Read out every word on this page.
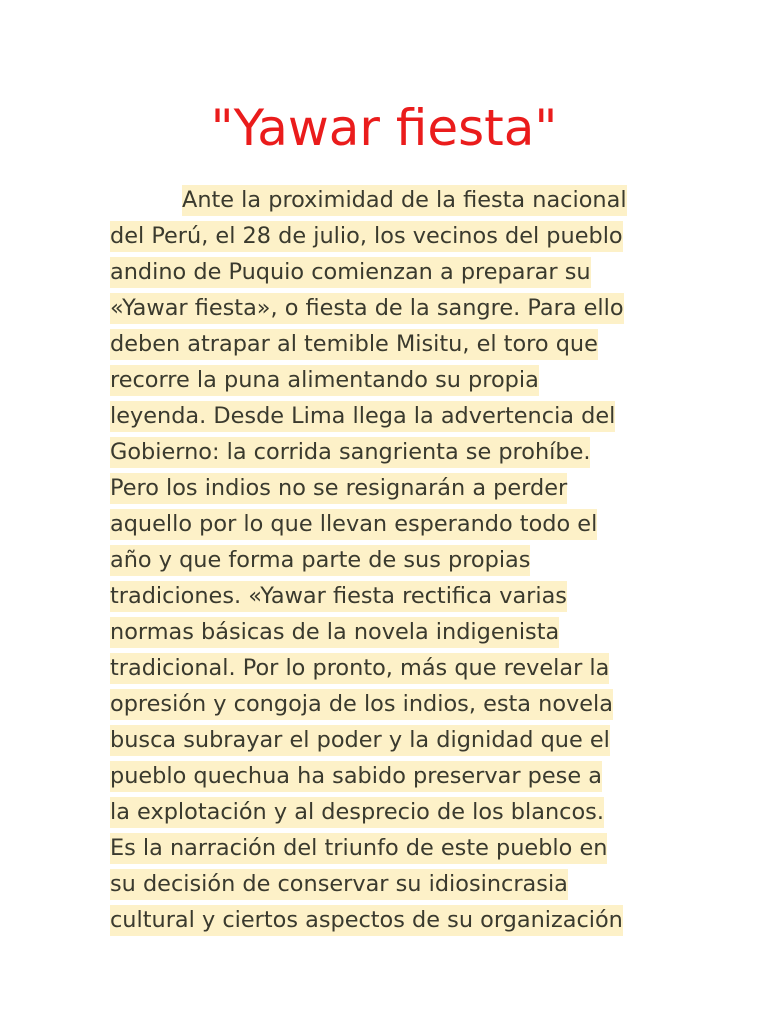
"Yawar fiesta"
Ante la proximidad de la fiesta nacional
del Perú, el 28 de julio, los vecinos del pueblo
andino de Puquio comienzan a preparar su
«Yawar fiesta», o fiesta de la sangre. Para ello
deben atrapar al temible Misitu, el toro que
recorre la puna alimentando su propia
leyenda. Desde Lima llega la advertencia del
Gobierno: la corrida sangrienta se prohíbe.
Pero los indios no se resignarán a perder
aquello por lo que llevan esperando todo el
año y que forma parte de sus propias
tradiciones. «Yawar fiesta rectifica varias
normas básicas de la novela indigenista
tradicional. Por lo pronto, más que revelar la
opresión y congoja de los indios, esta novela
busca subrayar el poder y la dignidad que el
pueblo quechua ha sabido preservar pese a
la explotación y al desprecio de los blancos.
Es la narración del triunfo de este pueblo en
su decisión de conservar su idiosincrasia
cultural y ciertos aspectos de su organización
